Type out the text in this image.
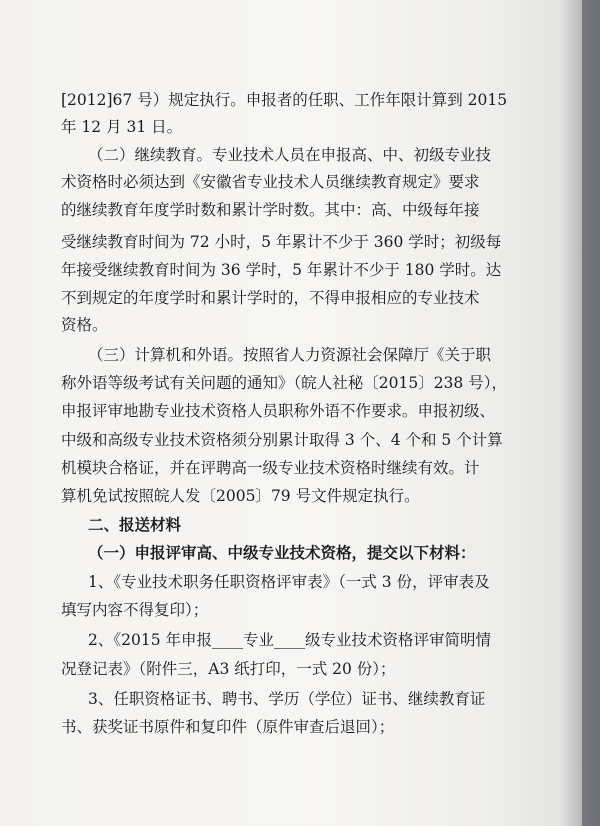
[2012]67 号）规定执行。申报者的任职、工作年限计算到 2015
年 12 月 31 日。
（二）继续教育。专业技术人员在申报高、中、初级专业技
术资格时必须达到《安徽省专业技术人员继续教育规定》要求
的继续教育年度学时数和累计学时数。其中：高、中级每年接
受继续教育时间为 72 小时，5 年累计不少于 360 学时；初级每
年接受继续教育时间为 36 学时，5 年累计不少于 180 学时。达
不到规定的年度学时和累计学时的，不得申报相应的专业技术
资格。
（三）计算机和外语。按照省人力资源社会保障厅《关于职
称外语等级考试有关问题的通知》（皖人社秘〔2015〕238 号），
申报评审地勘专业技术资格人员职称外语不作要求。申报初级、
中级和高级专业技术资格须分别累计取得 3 个、4 个和 5 个计算
机模块合格证，并在评聘高一级专业技术资格时继续有效。计
算机免试按照皖人发〔2005〕79 号文件规定执行。
二、报送材料
（一）申报评审高、中级专业技术资格，提交以下材料：
1、《专业技术职务任职资格评审表》（一式 3 份，评审表及
填写内容不得复印）；
2、《2015 年申报____专业____级专业技术资格评审简明情
况登记表》（附件三，A3 纸打印，一式 20 份）；
3、任职资格证书、聘书、学历（学位）证书、继续教育证
书、获奖证书原件和复印件（原件审查后退回）；
